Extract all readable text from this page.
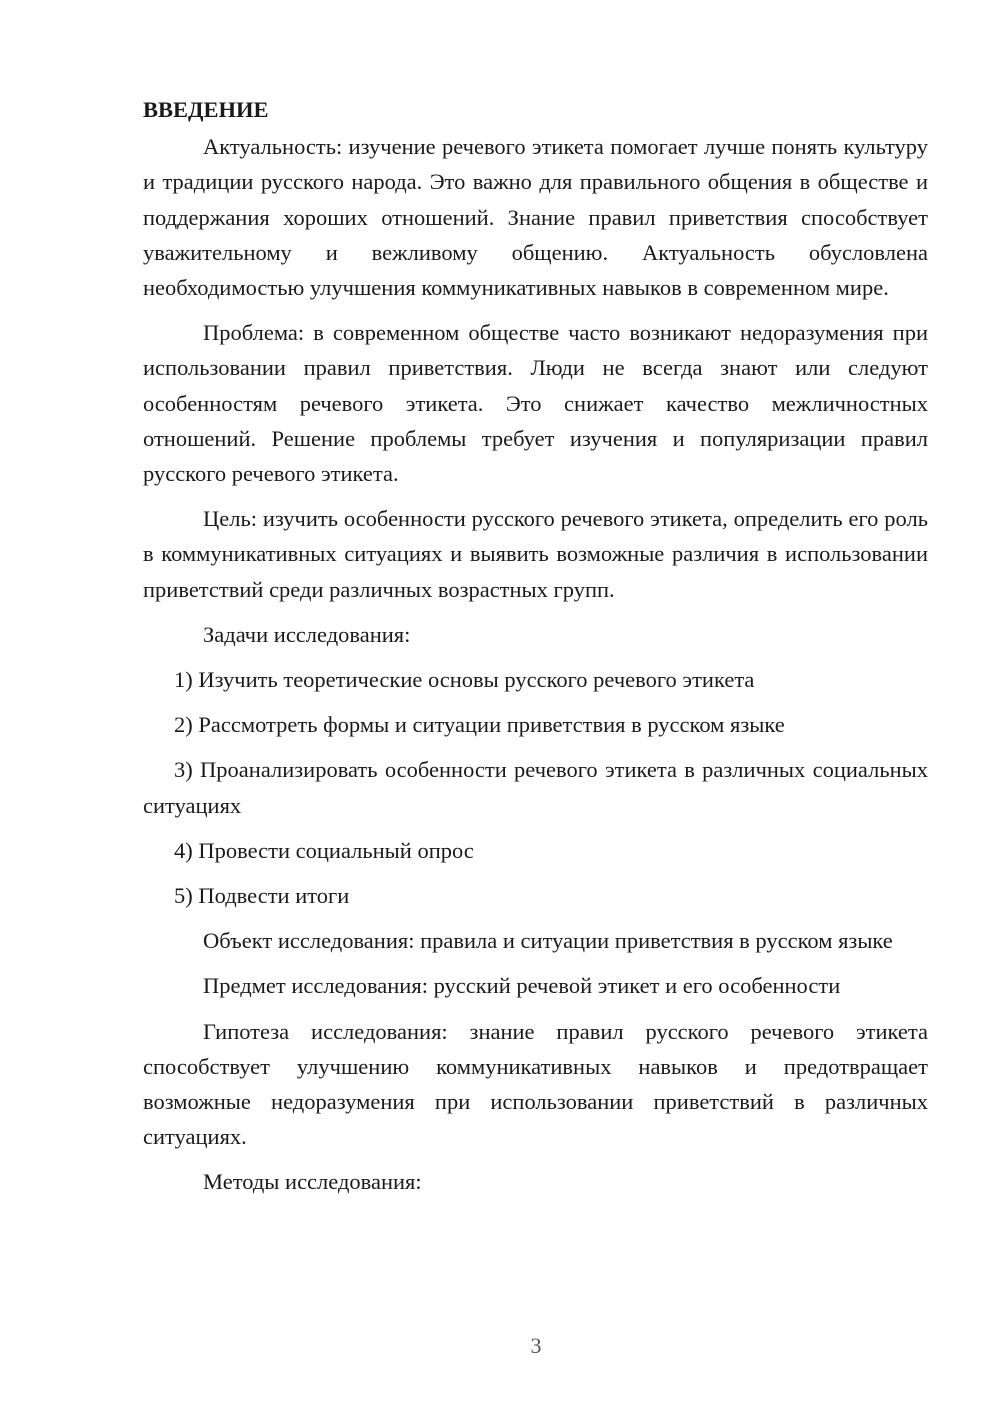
ВВЕДЕНИЕ

Актуальность: изучение речевого этикета помогает лучше понять культуру и традиции русского народа. Это важно для правильного общения в обществе и поддержания хороших отношений. Знание правил приветствия способствует уважительному и вежливому общению. Актуальность обусловлена необходимостью улучшения коммуникативных навыков в современном мире.

Проблема: в современном обществе часто возникают недоразумения при использовании правил приветствия. Люди не всегда знают или следуют особенностям речевого этикета. Это снижает качество межличностных отношений. Решение проблемы требует изучения и популяризации правил русского речевого этикета.

Цель: изучить особенности русского речевого этикета, определить его роль в коммуникативных ситуациях и выявить возможные различия в использовании приветствий среди различных возрастных групп.

Задачи исследования:

1) Изучить теоретические основы русского речевого этикета

2) Рассмотреть формы и ситуации приветствия в русском языке

3) Проанализировать особенности речевого этикета в различных социальных ситуациях

4) Провести социальный опрос

5) Подвести итоги

Объект исследования: правила и ситуации приветствия в русском языке

Предмет исследования: русский речевой этикет и его особенности

Гипотеза исследования: знание правил русского речевого этикета способствует улучшению коммуникативных навыков и предотвращает возможные недоразумения при использовании приветствий в различных ситуациях.

Методы исследования:

3
